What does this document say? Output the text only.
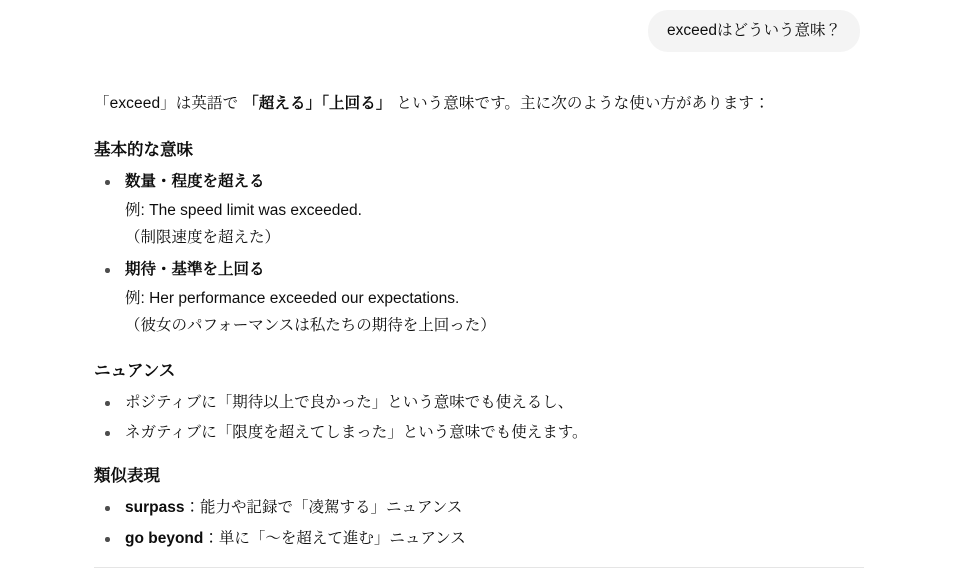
exceedはどういう意味？

「exceed」は英語で 「超える」「上回る」 という意味です。主に次のような使い方があります：

基本的な意味
数量・程度を超える
例: The speed limit was exceeded.
（制限速度を超えた）
期待・基準を上回る
例: Her performance exceeded our expectations.
（彼女のパフォーマンスは私たちの期待を上回った）
ニュアンス
ポジティブに「期待以上で良かった」という意味でも使えるし、
ネガティブに「限度を超えてしまった」という意味でも使えます。
類似表現
surpass：能力や記録で「凌駕する」ニュアンス
go beyond：単に「〜を超えて進む」ニュアンス
